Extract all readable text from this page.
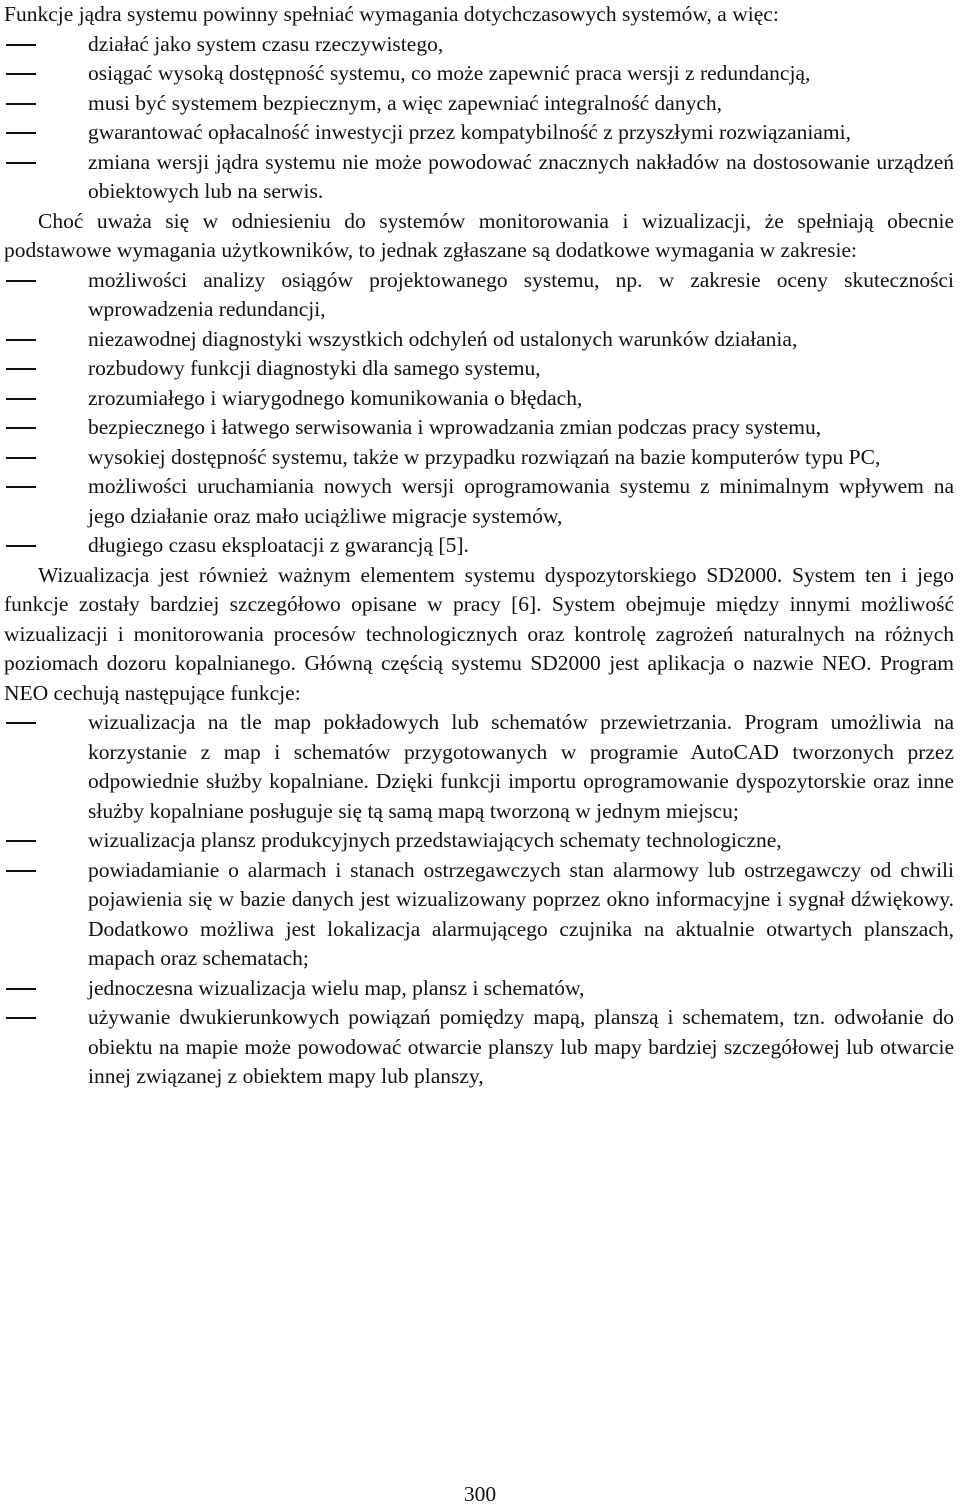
Funkcje jądra systemu powinny spełniać wymagania dotychczasowych systemów, a więc:

działać jako system czasu rzeczywistego,
osiągać wysoką dostępność systemu, co może zapewnić praca wersji z redundancją,
musi być systemem bezpiecznym, a więc zapewniać integralność danych,
gwarantować opłacalność inwestycji przez kompatybilność z przyszłymi rozwiązaniami,
zmiana wersji jądra systemu nie może powodować znacznych nakładów na dostosowanie urządzeń obiektowych lub na serwis.

Choć uważa się w odniesieniu do systemów monitorowania i wizualizacji, że spełniają obecnie podstawowe wymagania użytkowników, to jednak zgłaszane są dodatkowe wymagania w zakresie:

możliwości analizy osiągów projektowanego systemu, np. w zakresie oceny skuteczności wprowadzenia redundancji,
niezawodnej diagnostyki wszystkich odchyleń od ustalonych warunków działania,
rozbudowy funkcji diagnostyki dla samego systemu,
zrozumiałego i wiarygodnego komunikowania o błędach,
bezpiecznego i łatwego serwisowania i wprowadzania zmian podczas pracy systemu,
wysokiej dostępność systemu, także w przypadku rozwiązań na bazie komputerów typu PC,
możliwości uruchamiania nowych wersji oprogramowania systemu z minimalnym wpływem na jego działanie oraz mało uciążliwe migracje systemów,
długiego czasu eksploatacji z gwarancją [5].

Wizualizacja jest również ważnym elementem systemu dyspozytorskiego SD2000. System ten i jego funkcje zostały bardziej szczegółowo opisane w pracy [6]. System obejmuje między innymi możliwość wizualizacji i monitorowania procesów technologicznych oraz kontrolę zagrożeń naturalnych na różnych poziomach dozoru kopalnianego. Główną częścią systemu SD2000 jest aplikacja o nazwie NEO. Program NEO cechują następujące funkcje:

wizualizacja na tle map pokładowych lub schematów przewietrzania. Program umożliwia na korzystanie z map i schematów przygotowanych w programie AutoCAD tworzonych przez odpowiednie służby kopalniane. Dzięki funkcji importu oprogramowanie dyspozytorskie oraz inne służby kopalniane posługuje się tą samą mapą tworzoną w jednym miejscu;
wizualizacja plansz produkcyjnych przedstawiających schematy technologiczne,
powiadamianie o alarmach i stanach ostrzegawczych stan alarmowy lub ostrzegawczy od chwili pojawienia się w bazie danych jest wizualizowany poprzez okno informacyjne i sygnał dźwiękowy. Dodatkowo możliwa jest lokalizacja alarmującego czujnika na aktualnie otwartych planszach, mapach oraz schematach;
jednoczesna wizualizacja wielu map, plansz i schematów,
używanie dwukierunkowych powiązań pomiędzy mapą, planszą i schematem, tzn. odwołanie do obiektu na mapie może powodować otwarcie planszy lub mapy bardziej szczegółowej lub otwarcie innej związanej z obiektem mapy lub planszy,
300
